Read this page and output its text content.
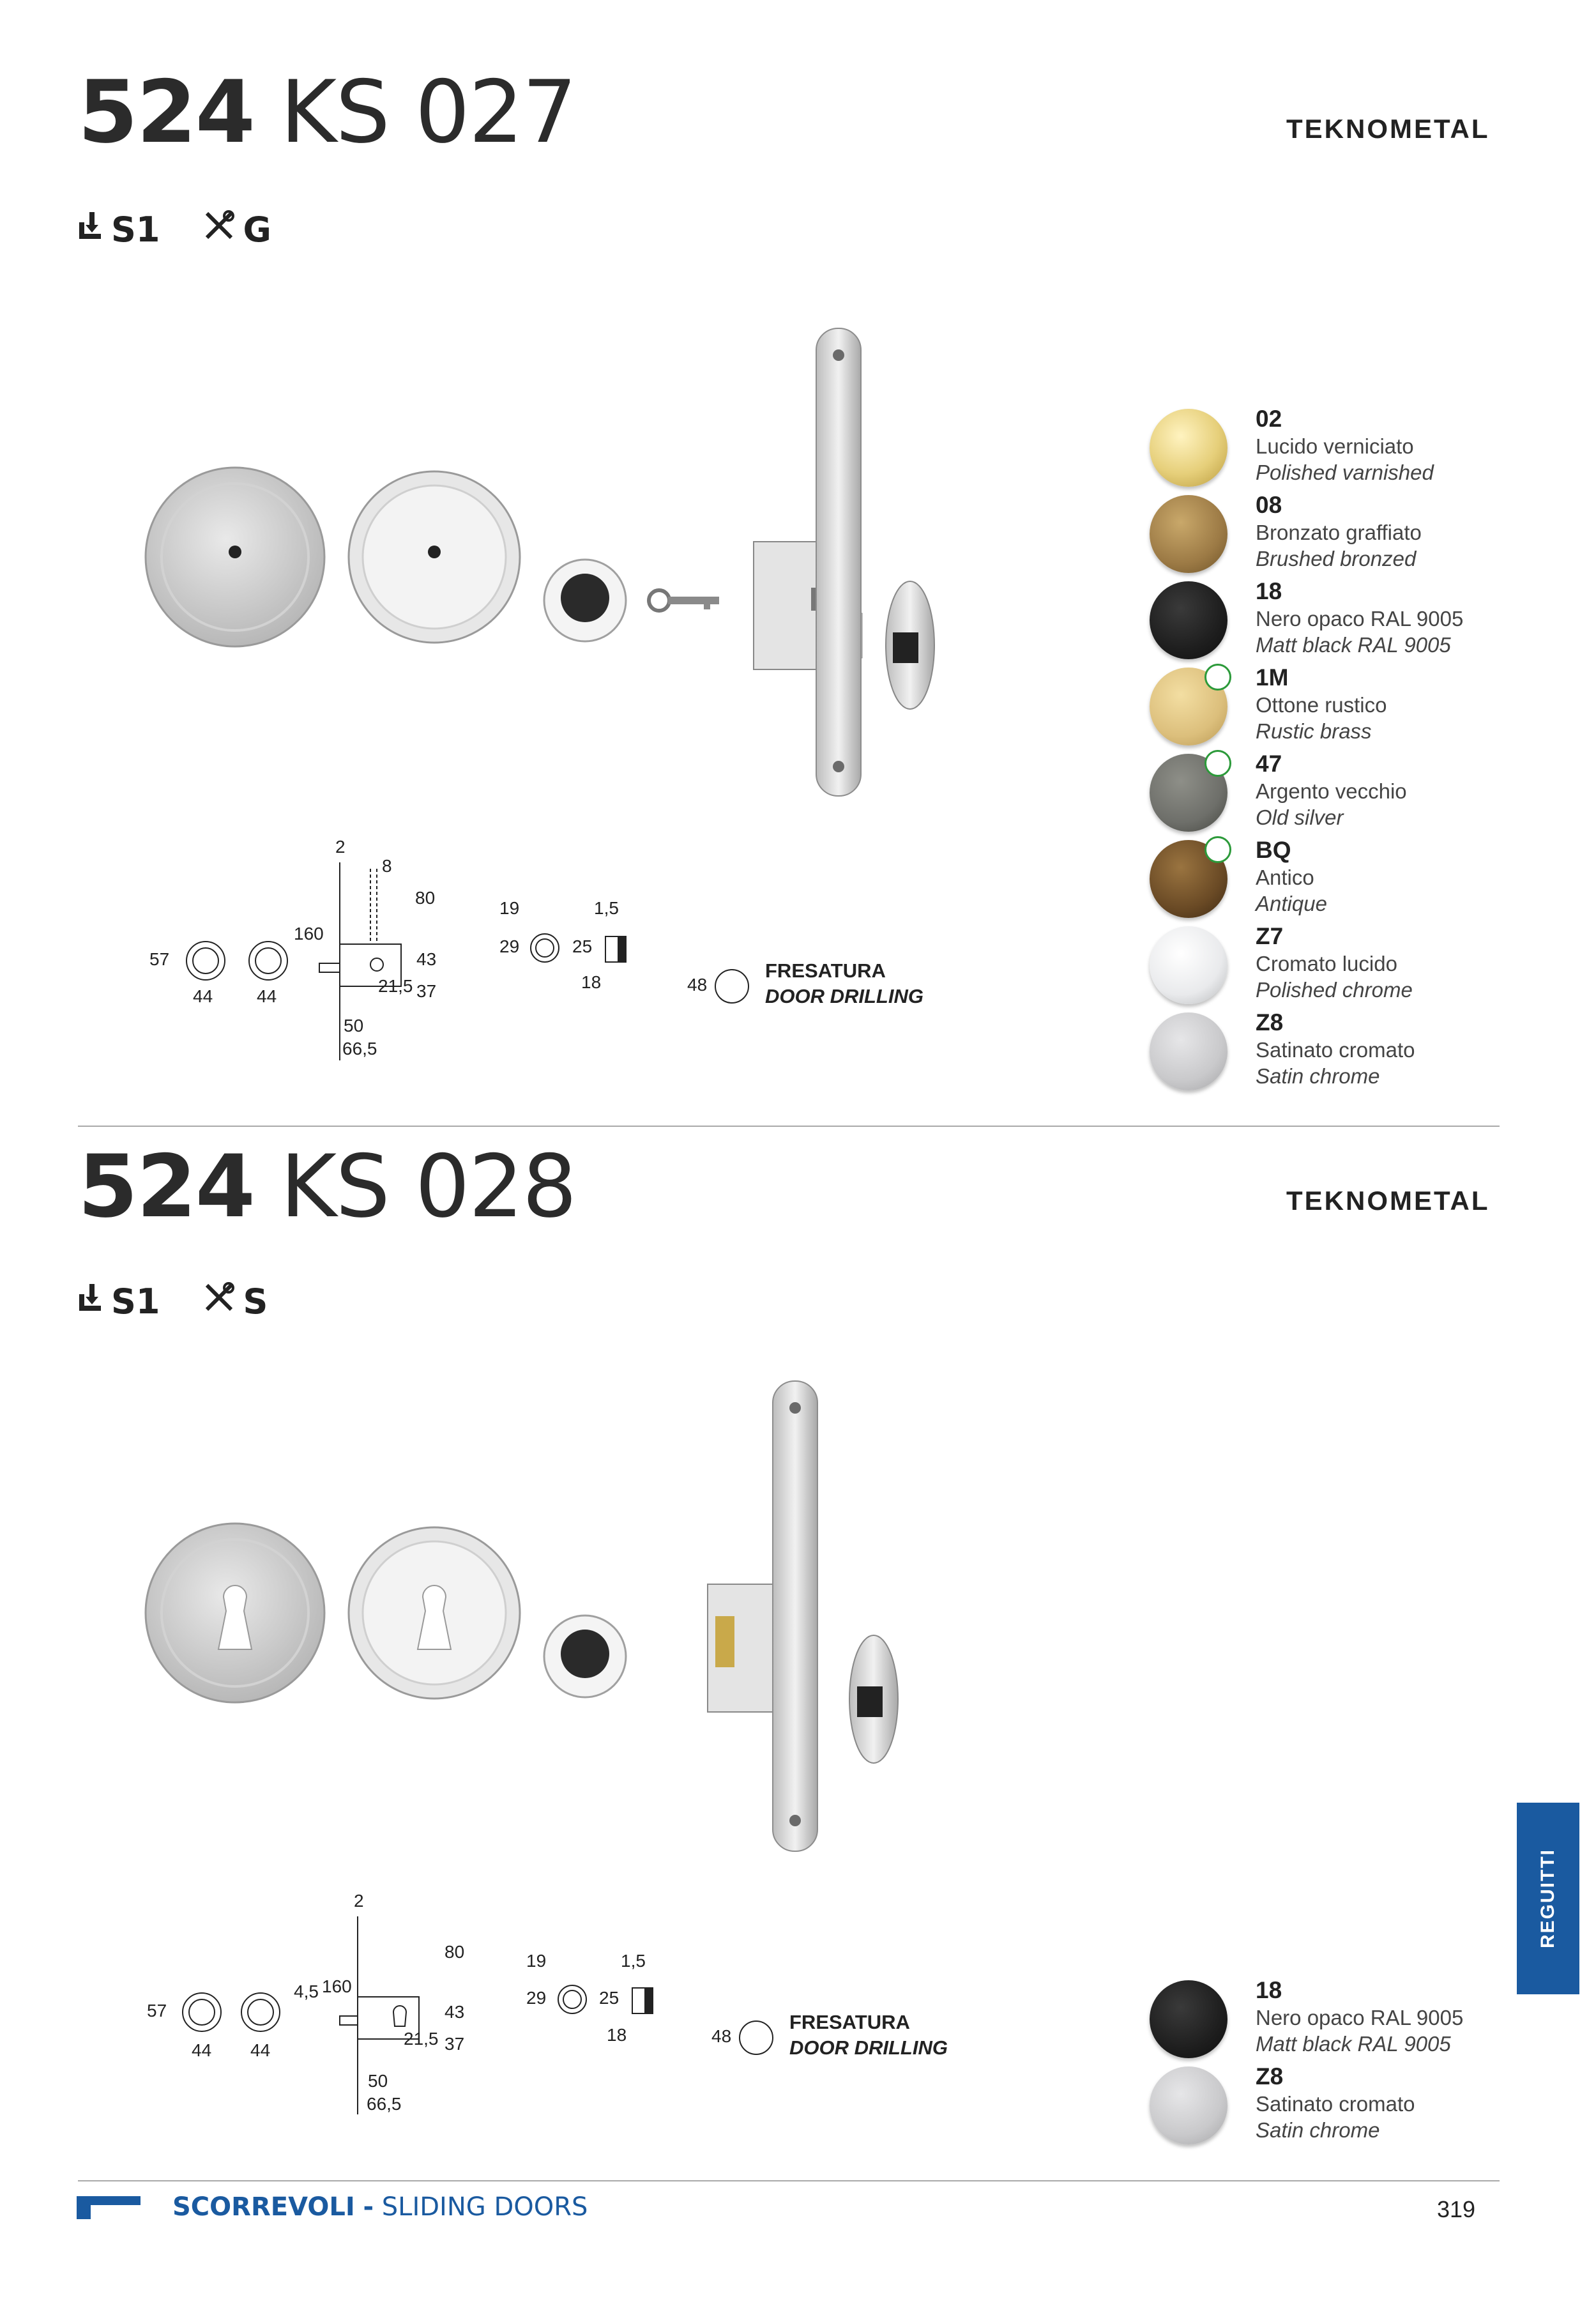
524 KS 027	TEKNOMETAL
S1 G
2
8
80
160
57
44 44
43
21,5 37
50
66,5
19	1,5
29	25
18	48
FRESATURA
DOOR DRILLING
02
Lucido verniciato
Polished varnished
08
Bronzato graffiato
Brushed bronzed
18
Nero opaco RAL 9005
Matt black RAL 9005
1M
Ottone rustico
Rustic brass
47
Argento vecchio
Old silver
BQ
Antico
Antique
Z7
Cromato lucido
Polished chrome
Z8
Satinato cromato
Satin chrome
524 KS 028	TEKNOMETAL
S1 S
2
80
160
4,5
57
44 44
43
21,5 37
50
66,5
19	1,5
29	25
18	48
FRESATURA
DOOR DRILLING
18
Nero opaco RAL 9005
Matt black RAL 9005
Z8
Satinato cromato
Satin chrome
REGUITTI
SCORREVOLI - SLIDING DOORS	319
